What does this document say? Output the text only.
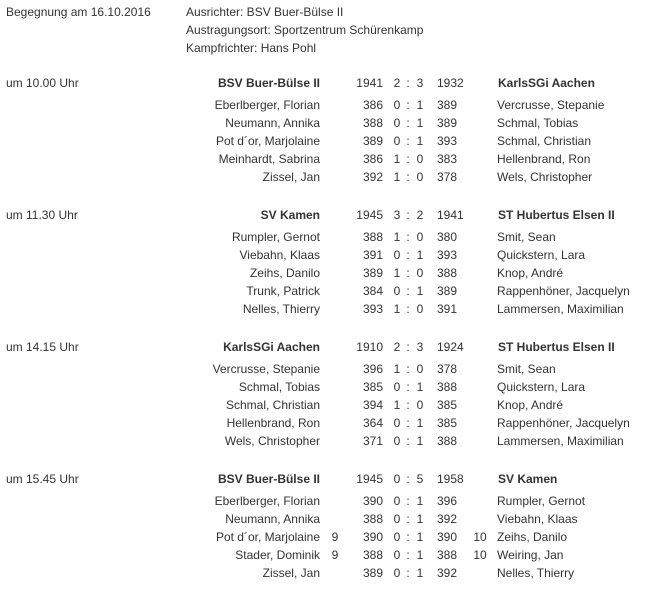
Begegnung am 16.10.2016	Ausrichter: BSV Buer-Bülse II
Austragungsort: Sportzentrum Schürenkamp
Kampfrichter: Hans Pohl
um 10.00 Uhr	BSV Buer-Bülse II	1941 2 : 3	1932	KarlsSGi Aachen
Eberlberger, Florian	386 0 : 1	389	Vercrusse, Stepanie
Neumann, Annika	388 0 : 1	389	Schmal, Tobias
Pot d´or, Marjolaine	389 0 : 1	393	Schmal, Christian
Meinhardt, Sabrina	386 1 : 0	383	Hellenbrand, Ron
Zissel, Jan	392 1 : 0	378	Wels, Christopher
um 11.30 Uhr	SV Kamen	1945 3 : 2	1941	ST Hubertus Elsen II
Rumpler, Gernot	388 1 : 0	380	Smit, Sean
Viebahn, Klaas	391 0 : 1	393	Quickstern, Lara
Zeihs, Danilo	389 1 : 0	388	Knop, André
Trunk, Patrick	384 0 : 1	389	Rappenhöner, Jacquelyn
Nelles, Thierry	393 1 : 0	391	Lammersen, Maximilian
um 14.15 Uhr	KarlsSGi Aachen	1910 2 : 3	1924	ST Hubertus Elsen II
Vercrusse, Stepanie	396 1 : 0	378	Smit, Sean
Schmal, Tobias	385 0 : 1	388	Quickstern, Lara
Schmal, Christian	394 1 : 0	385	Knop, André
Hellenbrand, Ron	364 0 : 1	385	Rappenhöner, Jacquelyn
Wels, Christopher	371 0 : 1	388	Lammersen, Maximilian
um 15.45 Uhr	BSV Buer-Bülse II	1945 0 : 5	1958	SV Kamen
Eberlberger, Florian	390 0 : 1	396	Rumpler, Gernot
Neumann, Annika	388 0 : 1	392	Viebahn, Klaas
Pot d´or, Marjolaine 9 390 0 : 1	390	10 Zeihs, Danilo
Stader, Dominik 9 388 0 : 1	388	10 Weiring, Jan
Zissel, Jan	389 0 : 1	392	Nelles, Thierry
